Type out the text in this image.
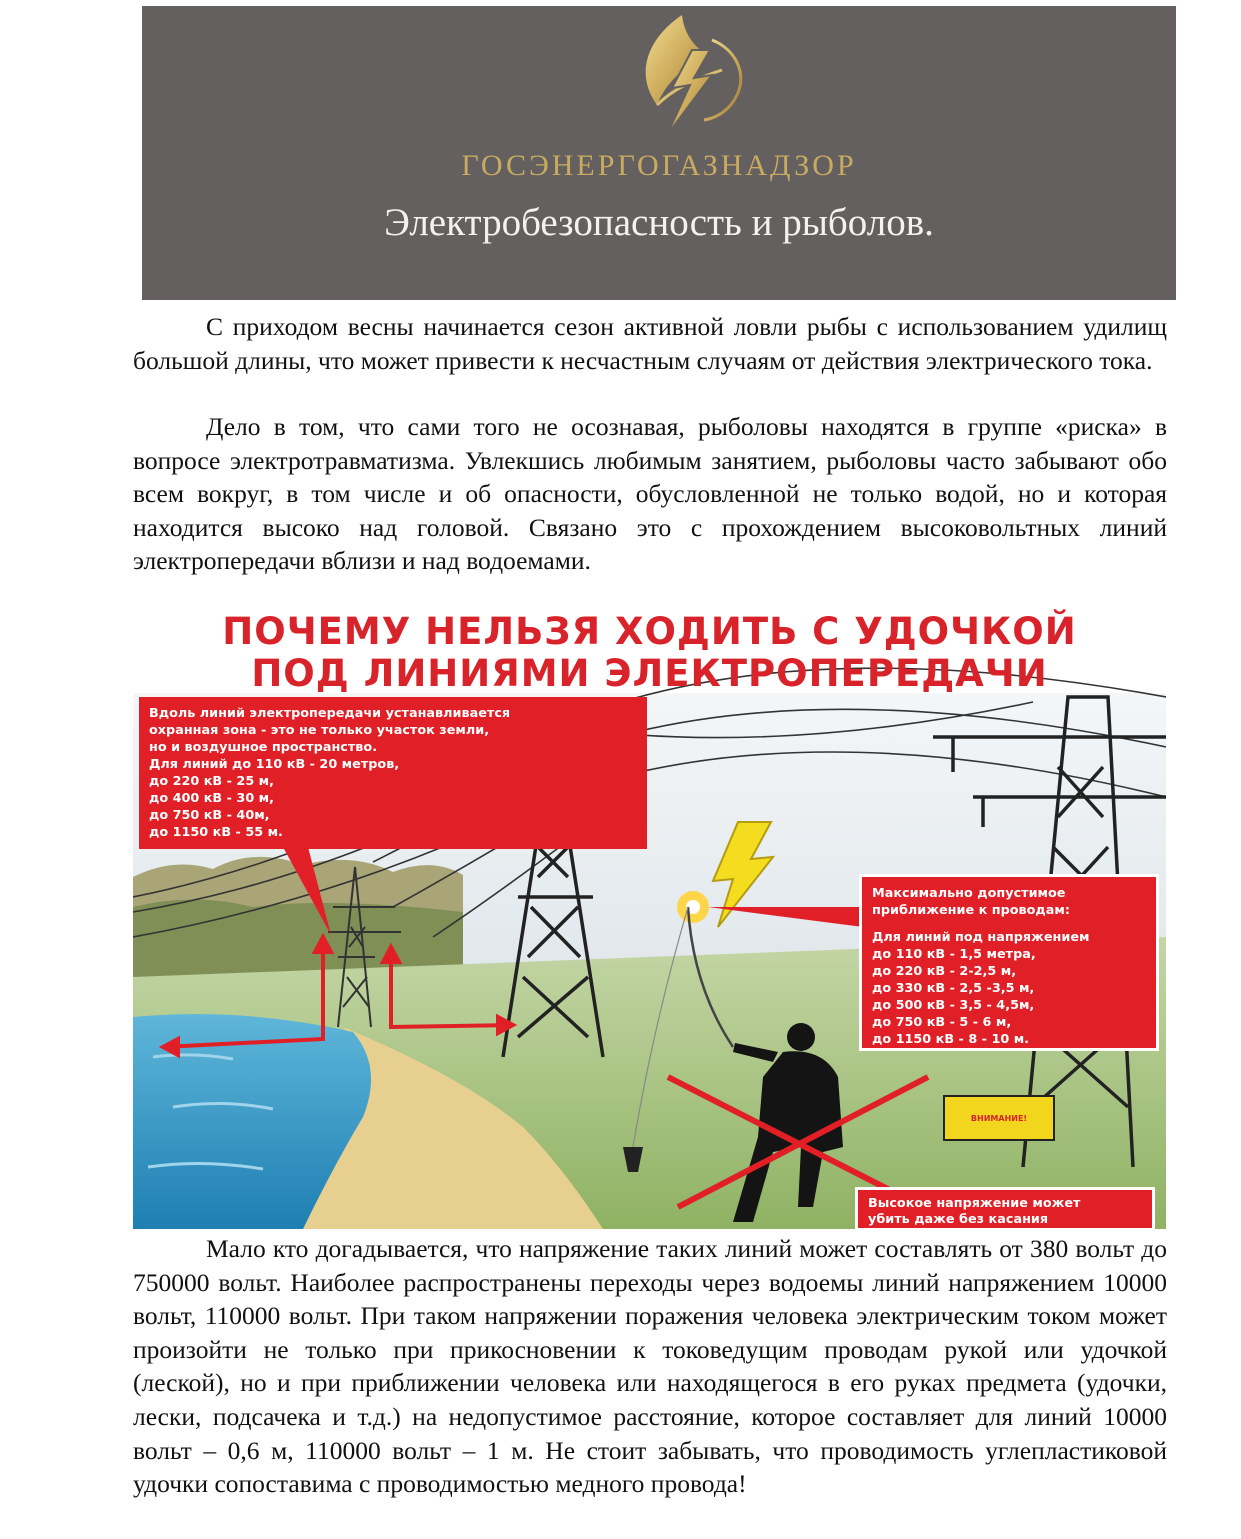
ГОСЭНЕРГОГАЗНАДЗОР
Электробезопасность и рыболов.

С приходом весны начинается сезон активной ловли рыбы с использованием удилищ большой длины, что может привести к несчастным случаям от действия электрического тока.

Дело в том, что сами того не осознавая, рыболовы находятся в группе «риска» в вопросе электротравматизма. Увлекшись любимым занятием, рыболовы часто забывают обо всем вокруг, в том числе и об опасности, обусловленной не только водой, но и которая находится высоко над головой. Связано это с прохождением высоковольтных линий электропередачи вблизи и над водоемами.

ПОЧЕМУ НЕЛЬЗЯ ХОДИТЬ С УДОЧКОЙ
ПОД ЛИНИЯМИ ЭЛЕКТРОПЕРЕДАЧИ
Вдоль линий электропередачи устанавливается
охранная зона - это не только участок земли,
но и воздушное пространство.
Для линий до 110 кВ - 20 метров,
до 220 кВ - 25 м,
до 400 кВ - 30 м,
до 750 кВ - 40м,
до 1150 кВ - 55 м.
Максимально допустимое
приближение к проводам:
Для линий под напряжением
до 110 кВ - 1,5 метра,
до 220 кВ - 2-2,5 м,
до 330 кВ - 2,5 -3,5 м,
до 500 кВ - 3,5 - 4,5м,
до 750 кВ - 5 - 6 м,
до 1150 кВ - 8 - 10 м.
ВНИМАНИЕ!
Высокое напряжение может
убить даже без касания

Мало кто догадывается, что напряжение таких линий может составлять от 380 вольт до 750000 вольт. Наиболее распространены переходы через водоемы линий напряжением 10000 вольт, 110000 вольт. При таком напряжении поражения человека электрическим током может произойти не только при прикосновении к токоведущим проводам рукой или удочкой (леской), но и при приближении человека или находящегося в его руках предмета (удочки, лески, подсачека и т.д.) на недопустимое расстояние, которое составляет для линий 10000 вольт – 0,6 м, 110000 вольт – 1 м. Не стоит забывать, что проводимость углепластиковой удочки сопоставима с проводимостью медного провода!
